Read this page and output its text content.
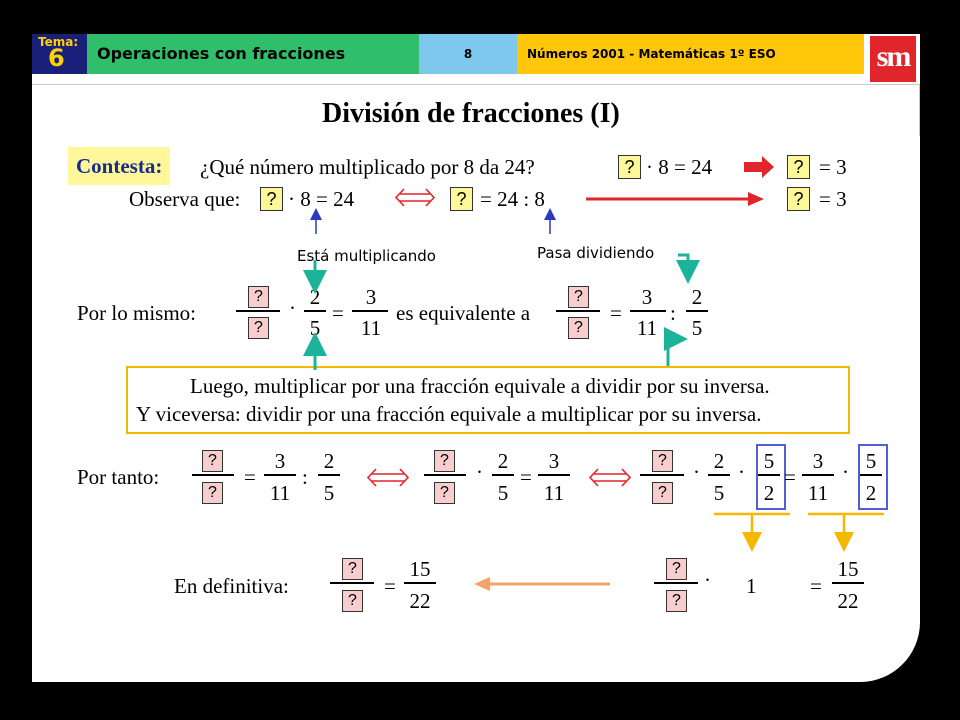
Tema:
6	Operaciones con fracciones	8	Números 2001 - Matemáticas 1º ESO	sm
División de fracciones (I)
Contesta:	¿Qué número multiplicado por 8 da 24?	? · 8 = 24	? = 3
Observa que:	? · 8 = 24	? = 24 : 8	? = 3
Está multiplicando	Pasa dividiendo
Por lo mismo:
?
?
· 2
5
=
3
11
es equivalente a
?
?
=
3
11
:
2
5
Luego, multiplicar por una fracción equivale a dividir por su inversa.
Y viceversa: dividir por una fracción equivale a multiplicar por su inversa.
Por tanto:
?
?
=
3
11
:
2
5
?
?
· 2
5
=
3
11
?
?
· 2
5
· 5
2
=
3
11
· 5
2
En definitiva:
?
?
=
15
22
?
?
· 1	=
15
22
